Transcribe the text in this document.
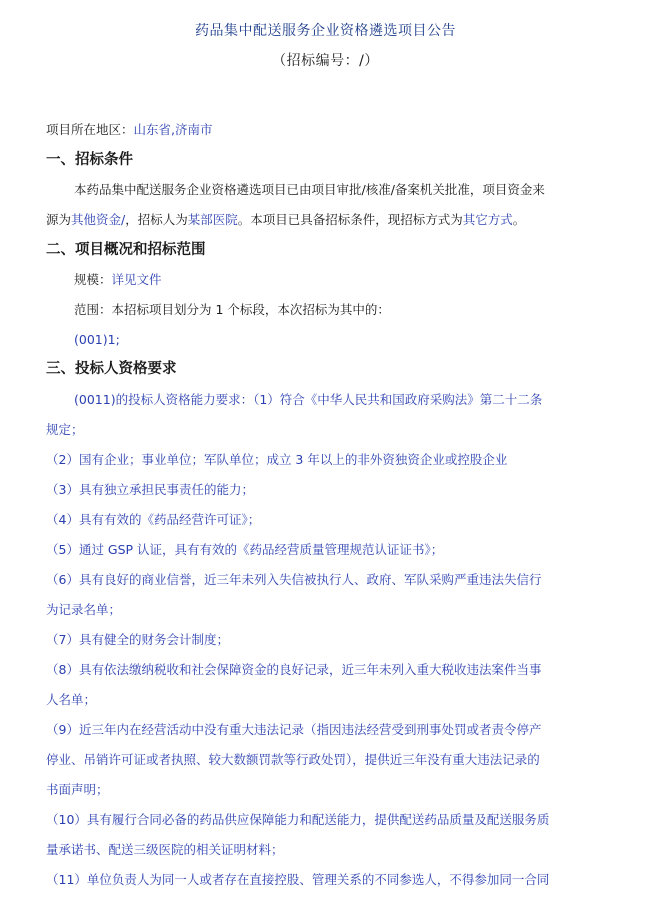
药品集中配送服务企业资格遴选项目公告
（招标编号：/）
项目所在地区：山东省,济南市
一、招标条件
本药品集中配送服务企业资格遴选项目已由项目审批/核准/备案机关批准，项目资金来
源为其他资金/，招标人为某部医院。本项目已具备招标条件，现招标方式为其它方式。
二、项目概况和招标范围
规模：详见文件
范围：本招标项目划分为 1 个标段，本次招标为其中的：
(001)1;
三、投标人资格要求
(0011)的投标人资格能力要求：（1）符合《中华人民共和国政府采购法》第二十二条
规定；
（2）国有企业；事业单位；军队单位；成立 3 年以上的非外资独资企业或控股企业
（3）具有独立承担民事责任的能力；
（4）具有有效的《药品经营许可证》；
（5）通过 GSP 认证，具有有效的《药品经营质量管理规范认证证书》；
（6）具有良好的商业信誉，近三年未列入失信被执行人、政府、军队采购严重违法失信行
为记录名单；
（7）具有健全的财务会计制度；
（8）具有依法缴纳税收和社会保障资金的良好记录，近三年未列入重大税收违法案件当事
人名单；
（9）近三年内在经营活动中没有重大违法记录（指因违法经营受到刑事处罚或者责令停产
停业、吊销许可证或者执照、较大数额罚款等行政处罚），提供近三年没有重大违法记录的
书面声明；
（10）具有履行合同必备的药品供应保障能力和配送能力，提供配送药品质量及配送服务质
量承诺书、配送三级医院的相关证明材料；
（11）单位负责人为同一人或者存在直接控股、管理关系的不同参选人，不得参加同一合同
